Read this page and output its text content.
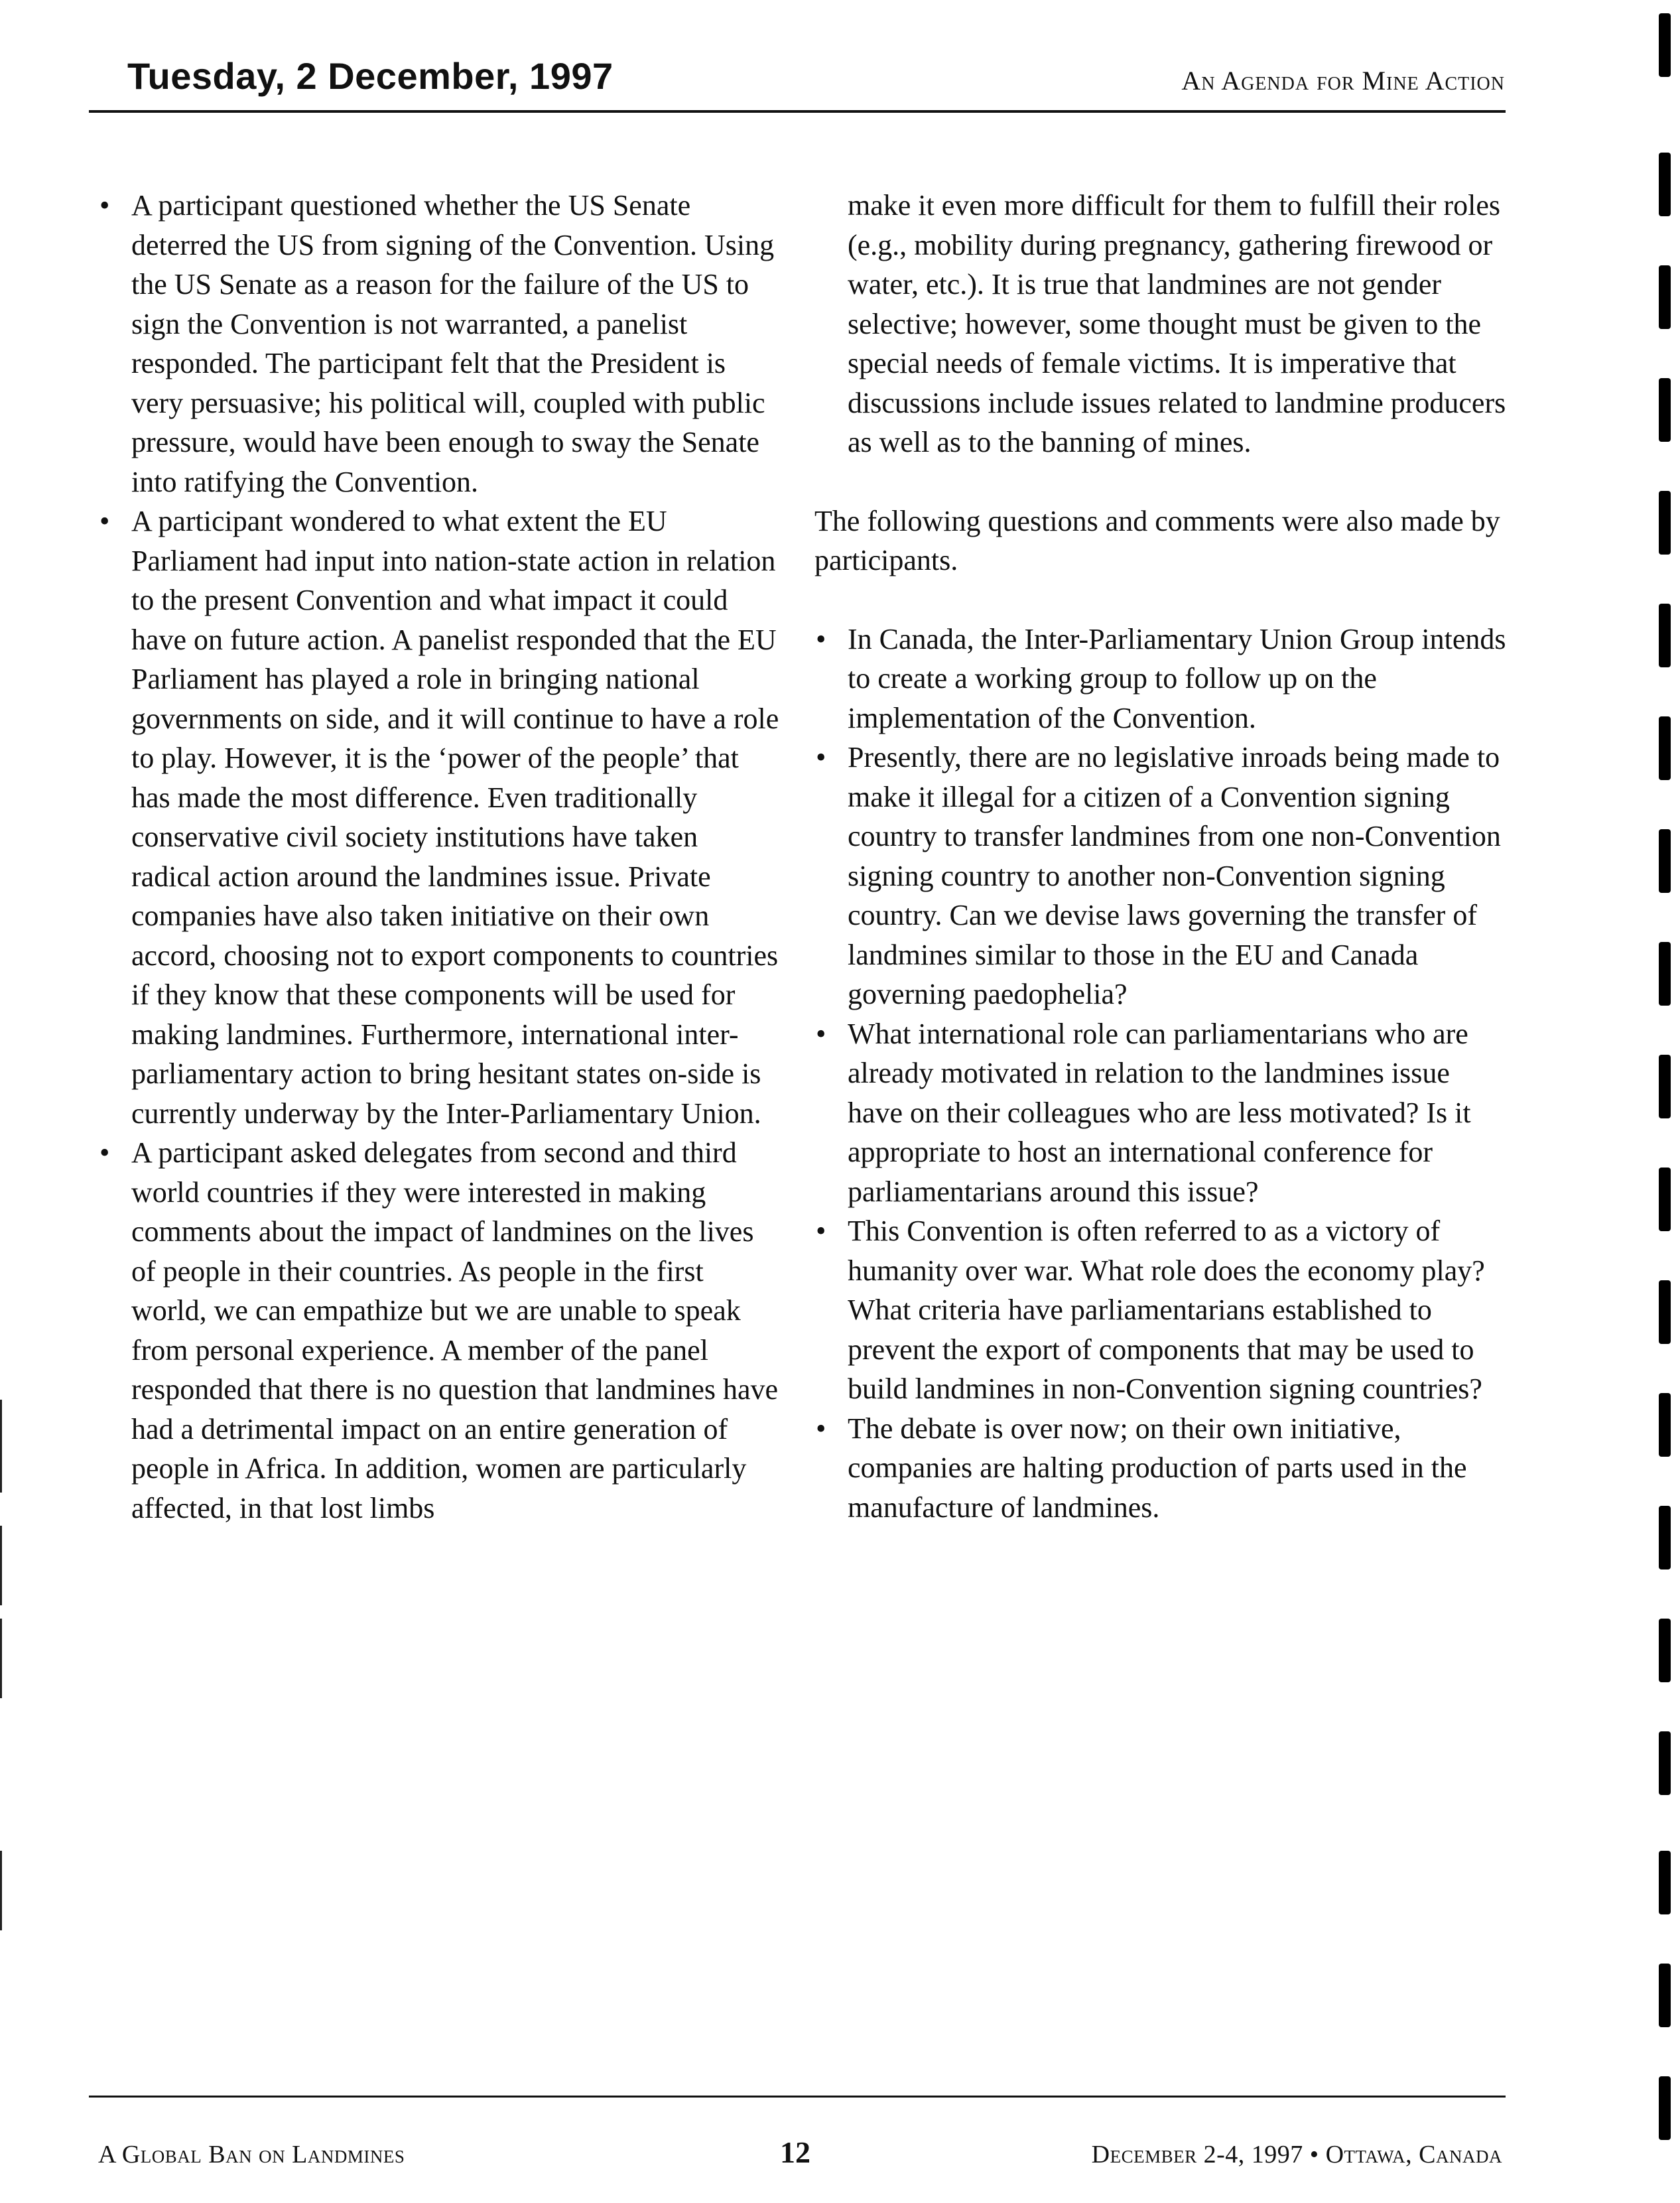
Tuesday, 2 December, 1997	An Agenda for Mine Action
• A participant questioned whether the US Senate deterred the US from signing of the Convention. Using the US Senate as a reason for the failure of the US to sign the Convention is not warranted, a panelist responded. The participant felt that the President is very persuasive; his political will, coupled with public pressure, would have been enough to sway the Senate into ratifying the Convention.
• A participant wondered to what extent the EU Parliament had input into nation-state action in relation to the present Convention and what impact it could have on future action. A panelist responded that the EU Parliament has played a role in bringing national governments on side, and it will continue to have a role to play. However, it is the ‘power of the people’ that has made the most difference. Even traditionally conservative civil society institutions have taken radical action around the landmines issue. Private companies have also taken initiative on their own accord, choosing not to export components to countries if they know that these components will be used for making landmines. Furthermore, international inter-parliamentary action to bring hesitant states on-side is currently underway by the Inter-Parliamentary Union.
• A participant asked delegates from second and third world countries if they were interested in making comments about the impact of landmines on the lives of people in their countries. As people in the first world, we can empathize but we are unable to speak from personal experience. A member of the panel responded that there is no question that landmines have had a detrimental impact on an entire generation of people in Africa. In addition, women are particularly affected, in that lost limbs

make it even more difficult for them to fulfill their roles (e.g., mobility during pregnancy, gathering firewood or water, etc.). It is true that landmines are not gender selective; however, some thought must be given to the special needs of female victims. It is imperative that discussions include issues related to landmine producers as well as to the banning of mines.

The following questions and comments were also made by participants.

• In Canada, the Inter-Parliamentary Union Group intends to create a working group to follow up on the implementation of the Convention.
• Presently, there are no legislative inroads being made to make it illegal for a citizen of a Convention signing country to transfer landmines from one non-Convention signing country to another non-Convention signing country. Can we devise laws governing the transfer of landmines similar to those in the EU and Canada governing paedophelia?
• What international role can parliamentarians who are already motivated in relation to the landmines issue have on their colleagues who are less motivated? Is it appropriate to host an international conference for parliamentarians around this issue?
• This Convention is often referred to as a victory of humanity over war. What role does the economy play? What criteria have parliamentarians established to prevent the export of components that may be used to build landmines in non-Convention signing countries?
• The debate is over now; on their own initiative, companies are halting production of parts used in the manufacture of landmines.
A Global Ban on Landmines	12	December 2-4, 1997 • Ottawa, Canada
